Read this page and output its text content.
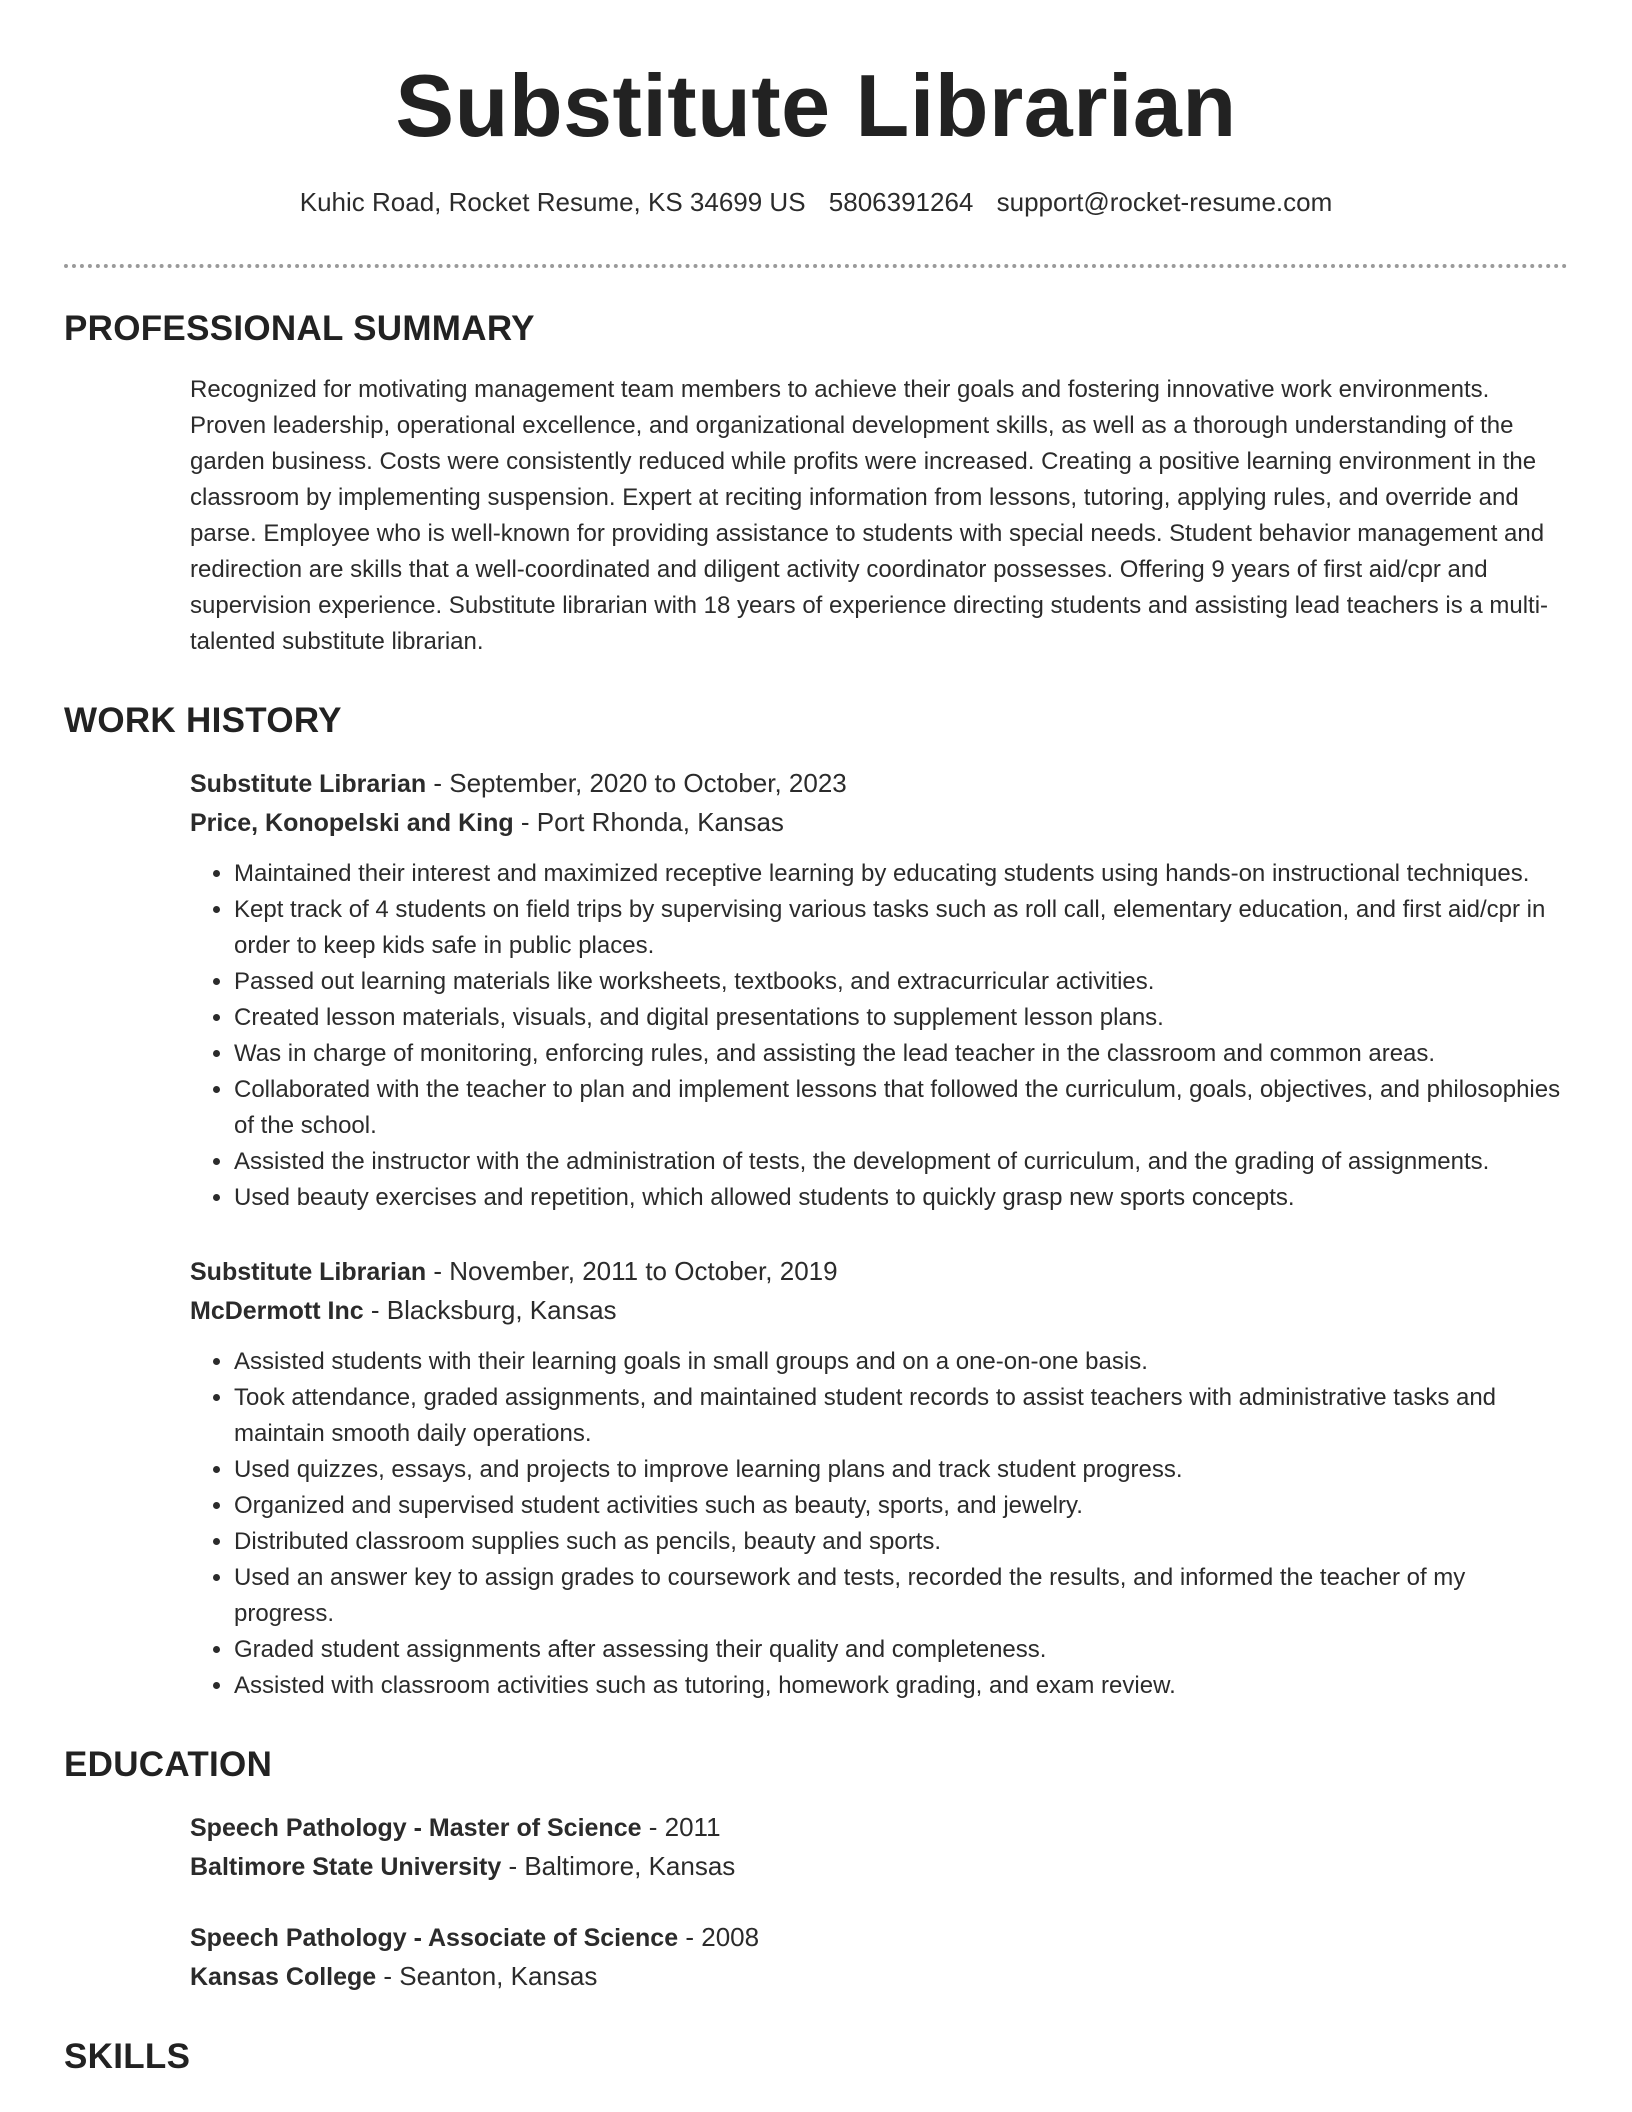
Substitute Librarian
Kuhic Road, Rocket Resume, KS 34699 US 5806391264 support@rocket-resume.com
PROFESSIONAL SUMMARY

Recognized for motivating management team members to achieve their goals and fostering innovative work environments. Proven leadership, operational excellence, and organizational development skills, as well as a thorough understanding of the garden business. Costs were consistently reduced while profits were increased. Creating a positive learning environment in the classroom by implementing suspension. Expert at reciting information from lessons, tutoring, applying rules, and override and parse. Employee who is well-known for providing assistance to students with special needs. Student behavior management and redirection are skills that a well-coordinated and diligent activity coordinator possesses. Offering 9 years of first aid/cpr and supervision experience. Substitute librarian with 18 years of experience directing students and assisting lead teachers is a multi-talented substitute librarian.

WORK HISTORY
Substitute Librarian - September, 2020 to October, 2023
Price, Konopelski and King - Port Rhonda, Kansas
• Maintained their interest and maximized receptive learning by educating students using hands-on instructional techniques.
• Kept track of 4 students on field trips by supervising various tasks such as roll call, elementary education, and first aid/cpr in order to keep kids safe in public places.
• Passed out learning materials like worksheets, textbooks, and extracurricular activities.
• Created lesson materials, visuals, and digital presentations to supplement lesson plans.
• Was in charge of monitoring, enforcing rules, and assisting the lead teacher in the classroom and common areas.
• Collaborated with the teacher to plan and implement lessons that followed the curriculum, goals, objectives, and philosophies of the school.
• Assisted the instructor with the administration of tests, the development of curriculum, and the grading of assignments.
• Used beauty exercises and repetition, which allowed students to quickly grasp new sports concepts.
Substitute Librarian - November, 2011 to October, 2019
McDermott Inc - Blacksburg, Kansas
• Assisted students with their learning goals in small groups and on a one-on-one basis.
• Took attendance, graded assignments, and maintained student records to assist teachers with administrative tasks and maintain smooth daily operations.
• Used quizzes, essays, and projects to improve learning plans and track student progress.
• Organized and supervised student activities such as beauty, sports, and jewelry.
• Distributed classroom supplies such as pencils, beauty and sports.
• Used an answer key to assign grades to coursework and tests, recorded the results, and informed the teacher of my progress.
• Graded student assignments after assessing their quality and completeness.
• Assisted with classroom activities such as tutoring, homework grading, and exam review.
EDUCATION
Speech Pathology - Master of Science - 2011
Baltimore State University - Baltimore, Kansas
Speech Pathology - Associate of Science - 2008
Kansas College - Seanton, Kansas
SKILLS
